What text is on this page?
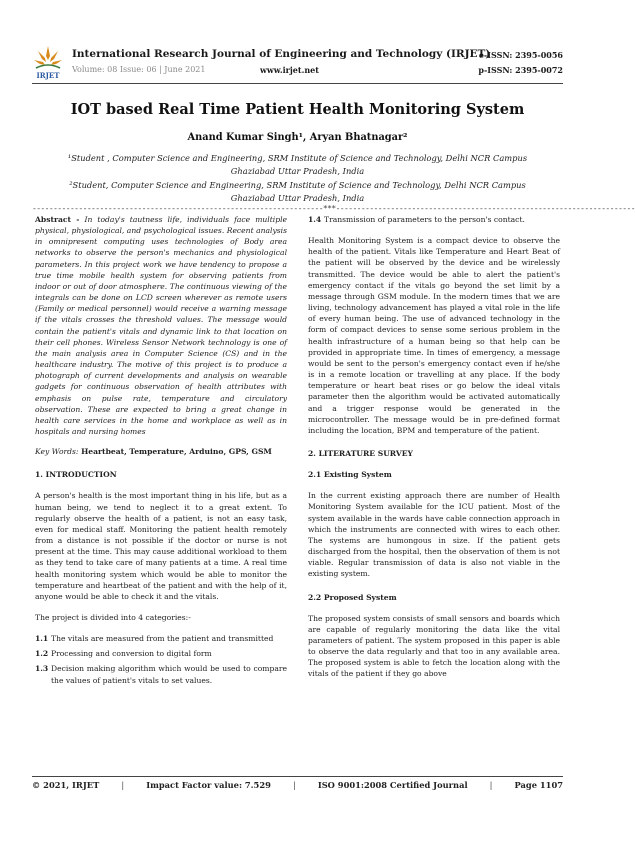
IRJET
International Research Journal of Engineering and Technology (IRJET)
Volume: 08 Issue: 06 | June 2021	www.irjet.net
e-ISSN: 2395-0056
p-ISSN: 2395-0072
IOT based Real Time Patient Health Monitoring System
Anand Kumar Singh¹, Aryan Bhatnagar²
¹Student , Computer Science and Engineering, SRM Institute of Science and Technology, Delhi NCR Campus Ghaziabad Uttar Pradesh, India
²Student, Computer Science and Engineering, SRM Institute of Science and Technology, Delhi NCR Campus Ghaziabad Uttar Pradesh, India
---------------------------------------------------------------------***-----------------------------------------------------------------------

Abstract - In today's tautness life, individuals face multiple physical, physiological, and psychological issues. Recent analysis in omnipresent computing uses technologies of Body area networks to observe the person's mechanics and physiological parameters. In this project work we have tendency to propose a true time mobile health system for observing patients from indoor or out of door atmosphere. The continuous viewing of the integrals can be done on LCD screen wherever as remote users (Family or medical personnel) would receive a warning message if the vitals crosses the threshold values. The message would contain the patient's vitals and dynamic link to that location on their cell phones. Wireless Sensor Network technology is one of the main analysis area in Computer Science (CS) and in the healthcare industry. The motive of this project is to produce a photograph of current developments and analysis on wearable gadgets for continuous observation of health attributes with emphasis on pulse rate, temperature and circulatory observation. These are expected to bring a great change in health care services in the home and workplace as well as in hospitals and nursing homes

Key Words: Heartbeat, Temperature, Arduino, GPS, GSM

1. INTRODUCTION

A person's health is the most important thing in his life, but as a human being, we tend to neglect it to a great extent. To regularly observe the health of a patient, is not an easy task, even for medical staff. Monitoring the patient health remotely from a distance is not possible if the doctor or nurse is not present at the time. This may cause additional workload to them as they tend to take care of many patients at a time. A real time health monitoring system which would be able to monitor the temperature and heartbeat of the patient and with the help of it, anyone would be able to check it and the vitals.

The project is divided into 4 categories:-

1.1 The vitals are measured from the patient and transmitted
1.2 Processing and conversion to digital form
1.3 Decision making algorithm which would be used to compare the values of patient's vitals to set values.
1.4 Transmission of parameters to the person's contact.

Health Monitoring System is a compact device to observe the health of the patient. Vitals like Temperature and Heart Beat of the patient will be observed by the device and be wirelessly transmitted. The device would be able to alert the patient's emergency contact if the vitals go beyond the set limit by a message through GSM module. In the modern times that we are living, technology advancement has played a vital role in the life of every human being. The use of advanced technology in the form of compact devices to sense some serious problem in the health infrastructure of a human being so that help can be provided in appropriate time. In times of emergency, a message would be sent to the person's emergency contact even if he/she is in a remote location or travelling at any place. If the body temperature or heart beat rises or go below the ideal vitals parameter then the algorithm would be activated automatically and a trigger response would be generated in the microcontroller. The message would be in pre-defined format including the location, BPM and temperature of the patient.

2. LITERATURE SURVEY

2.1 Existing System

In the current existing approach there are number of Health Monitoring System available for the ICU patient. Most of the system available in the wards have cable connection approach in which the instruments are connected with wires to each other. The systems are humongous in size. If the patient gets discharged from the hospital, then the observation of them is not viable. Regular transmission of data is also not viable in the existing system.

2.2 Proposed System

The proposed system consists of small sensors and boards which are capable of regularly monitoring the data like the vital parameters of patient. The system proposed in this paper is able to observe the data regularly and that too in any available area. The proposed system is able to fetch the location along with the vitals of the patient if they go above

© 2021, IRJET	|	Impact Factor value: 7.529	|	ISO 9001:2008 Certified Journal	|	Page 1107
